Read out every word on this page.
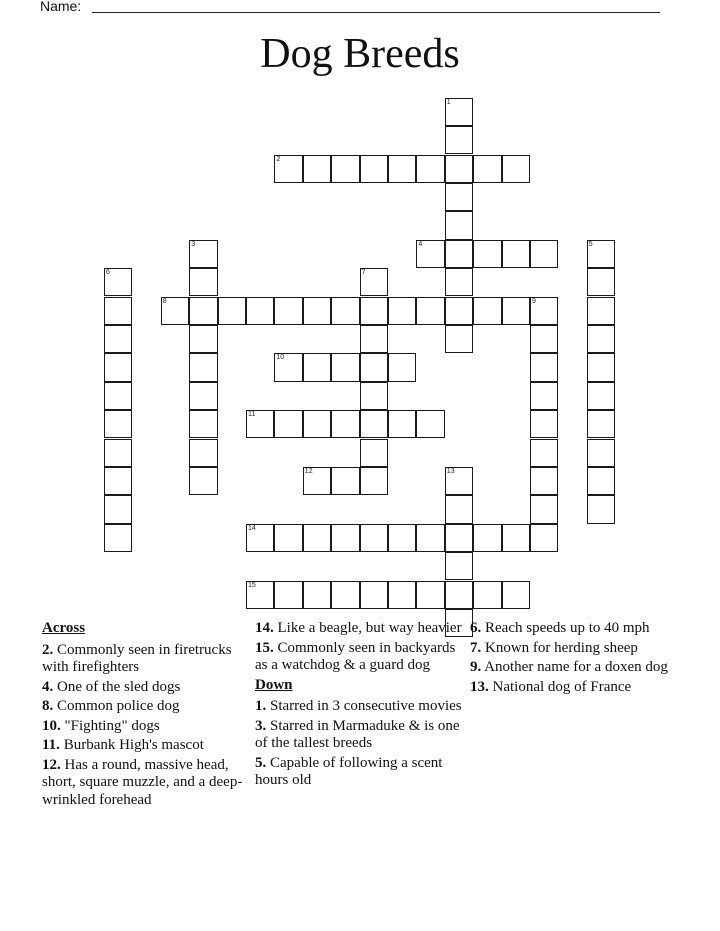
Name:
Dog Breeds
2
4
8	9
10
11
12
14
15
1
3	5
6	7
13
Across
2. Commonly seen in firetrucks with firefighters
4. One of the sled dogs
8. Common police dog
10. "Fighting" dogs
11. Burbank High's mascot
12. Has a round, massive head, short, square muzzle, and a deep- wrinkled forehead
14. Like a beagle, but way heavier
15. Commonly seen in backyards as a watchdog & a guard dog
Down
1. Starred in 3 consecutive movies
3. Starred in Marmaduke & is one of the tallest breeds
5. Capable of following a scent hours old
6. Reach speeds up to 40 mph
7. Known for herding sheep
9. Another name for a doxen dog
13. National dog of France
